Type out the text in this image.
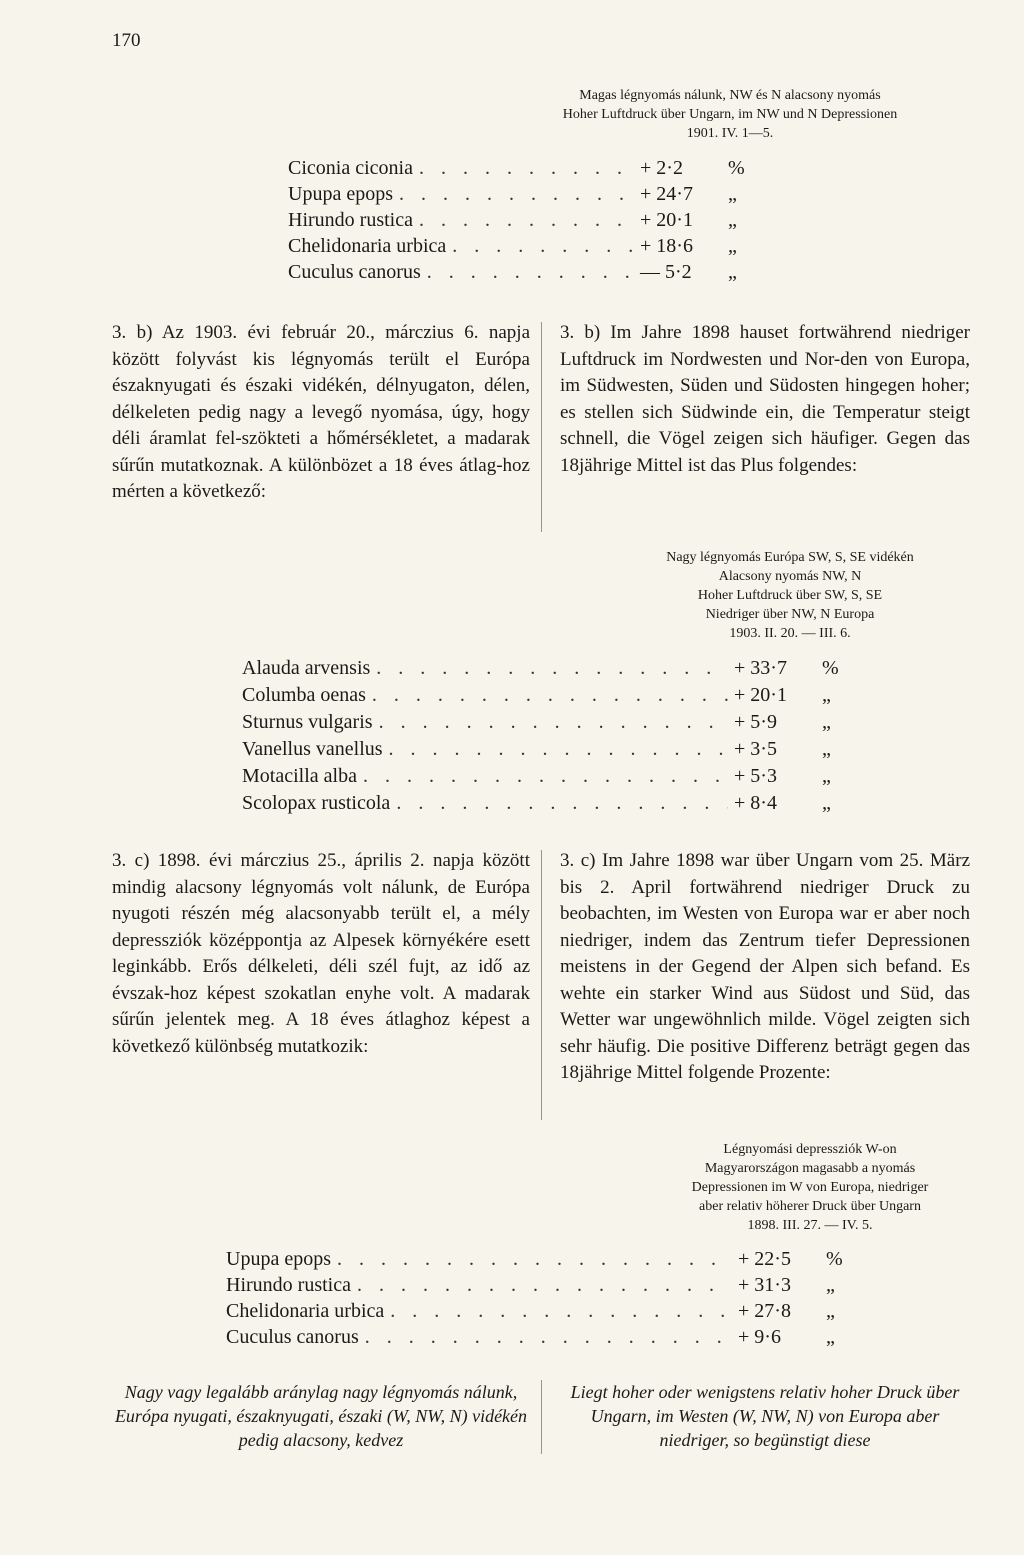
170
Magas légnyomás nálunk, NW és N alacsony nyomás
Hoher Luftdruck über Ungarn, im NW und N Depressionen
1901. IV. 1—5.
Ciconia ciconia . . .	+ 2·2	%
Upupa epops . . .	+ 24·7	„
Hirundo rustica . . .	+ 20·1	„
Chelidonaria urbica . . .	+ 18·6	„
Cuculus canorus . . .	— 5·2	„
3. b) Az 1903. évi február 20., márczius 6. napja között folyvást kis légnyomás terült el Európa északnyugati és északi vidékén, délnyugaton, délen, délkeleten pedig nagy a levegő nyomása, úgy, hogy déli áramlat fel-szökteti a hőmérsékletet, a madarak sűrűn mutatkoznak. A különbözet a 18 éves átlag-hoz mérten a következő:
3. b) Im Jahre 1898 hauset fortwährend niedriger Luftdruck im Nordwesten und Nor-den von Europa, im Südwesten, Süden und Südosten hingegen hoher; es stellen sich Südwinde ein, die Temperatur steigt schnell, die Vögel zeigen sich häufiger. Gegen das 18jährige Mittel ist das Plus folgendes:
Nagy légnyomás Európa SW, S, SE vidékén
Alacsony nyomás NW, N
Hoher Luftdruck über SW, S, SE
Niedriger über NW, N Europa
1903. II. 20. — III. 6.
Alauda arvensis . . .	+ 33·7	%
Columba oenas . . .	+ 20·1	„
Sturnus vulgaris . . .	+ 5·9	„
Vanellus vanellus . . .	+ 3·5	„
Motacilla alba . . .	+ 5·3	„
Scolopax rusticola . . .	+ 8·4	„
3. c) 1898. évi márczius 25., április 2. napja között mindig alacsony légnyomás volt nálunk, de Európa nyugoti részén még alacsonyabb terült el, a mély depressziók középpontja az Alpesek környékére esett leginkább. Erős délkeleti, déli szél fujt, az idő az évszak-hoz képest szokatlan enyhe volt. A madarak sűrűn jelentek meg. A 18 éves átlaghoz képest a következő különbség mutatkozik:
3. c) Im Jahre 1898 war über Ungarn vom 25. März bis 2. April fortwährend niedriger Druck zu beobachten, im Westen von Europa war er aber noch niedriger, indem das Zentrum tiefer Depressionen meistens in der Gegend der Alpen sich befand. Es wehte ein starker Wind aus Südost und Süd, das Wetter war ungewöhnlich milde. Vögel zeigten sich sehr häufig. Die positive Differenz beträgt gegen das 18jährige Mittel folgende Prozente:
Légnyomási depressziók W-on
Magyarországon magasabb a nyomás
Depressionen im W von Europa, niedriger
aber relativ höherer Druck über Ungarn
1898. III. 27. — IV. 5.
Upupa epops . . .	+ 22·5	%
Hirundo rustica . . .	+ 31·3	„
Chelidonaria urbica . . .	+ 27·8	„
Cuculus canorus . . .	+ 9·6	„
Nagy vagy legalább aránylag nagy légnyomás nálunk, Európa nyugati, északnyugati, északi (W, NW, N) vidékén pedig alacsony, kedvez
Liegt hoher oder wenigstens relativ hoher Druck über Ungarn, im Westen (W, NW, N) von Europa aber niedriger, so begünstigt diese
